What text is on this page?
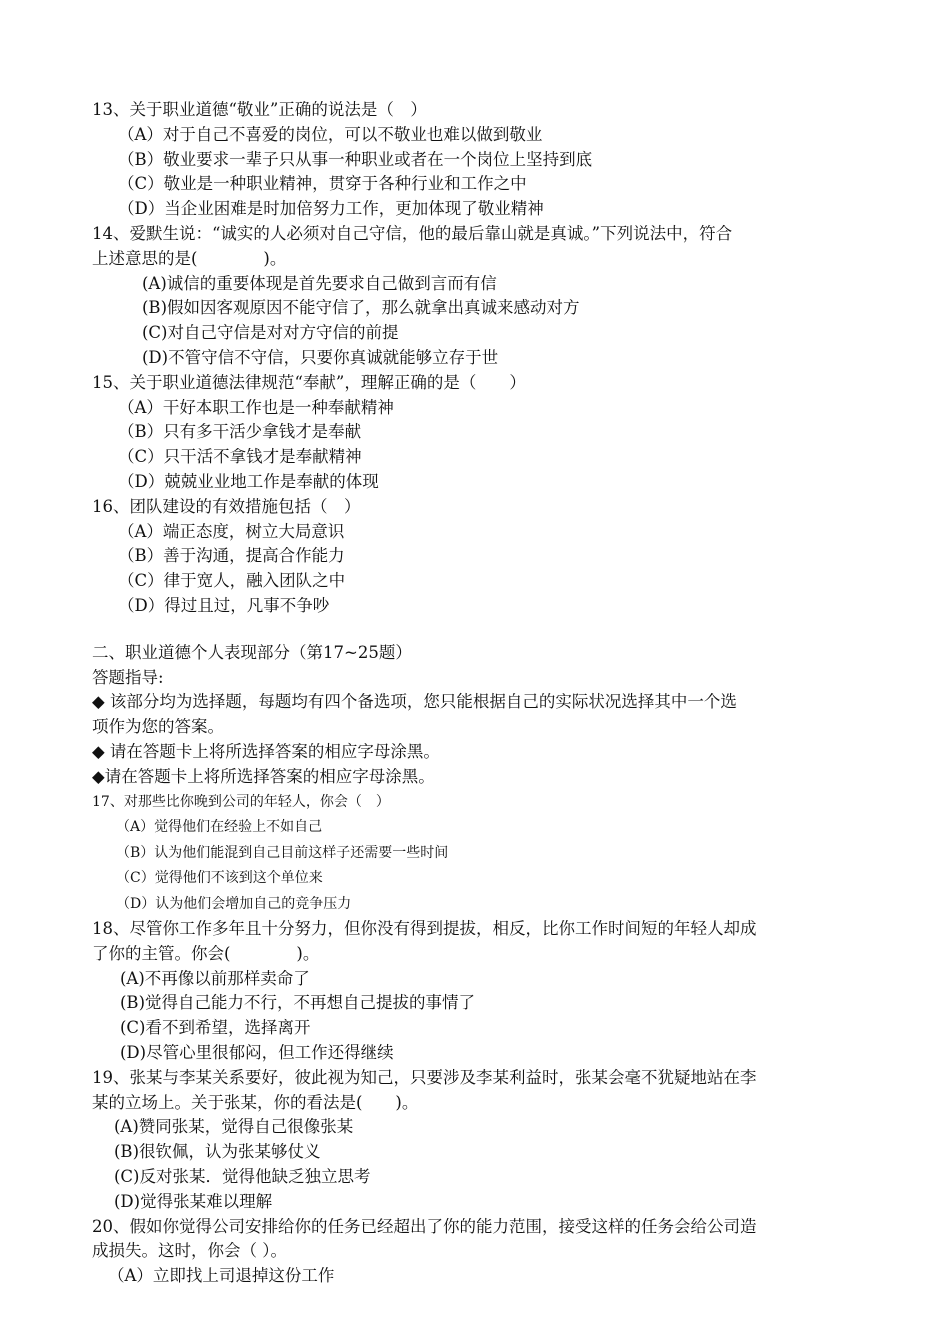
13、关于职业道德“敬业”正确的说法是（　）
（A）对于自己不喜爱的岗位，可以不敬业也难以做到敬业
（B）敬业要求一辈子只从事一种职业或者在一个岗位上坚持到底
（C）敬业是一种职业精神，贯穿于各种行业和工作之中
（D）当企业困难是时加倍努力工作，更加体现了敬业精神
14、爱默生说：“诚实的人必须对自己守信，他的最后靠山就是真诚。”下列说法中，符合
上述意思的是(　　　　)。
(A)诚信的重要体现是首先要求自己做到言而有信
(B)假如因客观原因不能守信了，那么就拿出真诚来感动对方
(C)对自己守信是对对方守信的前提
(D)不管守信不守信，只要你真诚就能够立存于世
15、关于职业道德法律规范“奉献”，理解正确的是（　　）
（A）干好本职工作也是一种奉献精神
（B）只有多干活少拿钱才是奉献
（C）只干活不拿钱才是奉献精神
（D）兢兢业业地工作是奉献的体现
16、团队建设的有效措施包括（　）
（A）端正态度，树立大局意识
（B）善于沟通，提高合作能力
（C）律于宽人，融入团队之中
（D）得过且过，凡事不争吵
二、职业道德个人表现部分（第17~25题）
答题指导:
◆ 该部分均为选择题，每题均有四个备选项，您只能根据自己的实际状况选择其中一个选
项作为您的答案。
◆ 请在答题卡上将所选择答案的相应字母涂黑。
◆请在答题卡上将所选择答案的相应字母涂黑。
17、对那些比你晚到公司的年轻人，你会（　）
（A）觉得他们在经验上不如自己
（B）认为他们能混到自己目前这样子还需要一些时间
（C）觉得他们不该到这个单位来
（D）认为他们会增加自己的竞争压力
18、尽管你工作多年且十分努力，但你没有得到提拔，相反，比你工作时间短的年轻人却成
了你的主管。你会(　　　　)。
(A)不再像以前那样卖命了
(B)觉得自己能力不行，不再想自己提拔的事情了
(C)看不到希望，选择离开
(D)尽管心里很郁闷，但工作还得继续
19、张某与李某关系要好，彼此视为知己，只要涉及李某利益时，张某会毫不犹疑地站在李
某的立场上。关于张某，你的看法是(　　)。
(A)赞同张某，觉得自己很像张某
(B)很钦佩，认为张某够仗义
(C)反对张某．觉得他缺乏独立思考
(D)觉得张某难以理解
20、假如你觉得公司安排给你的任务已经超出了你的能力范围，接受这样的任务会给公司造
成损失。这时，你会（ ）。
（A）立即找上司退掉这份工作
